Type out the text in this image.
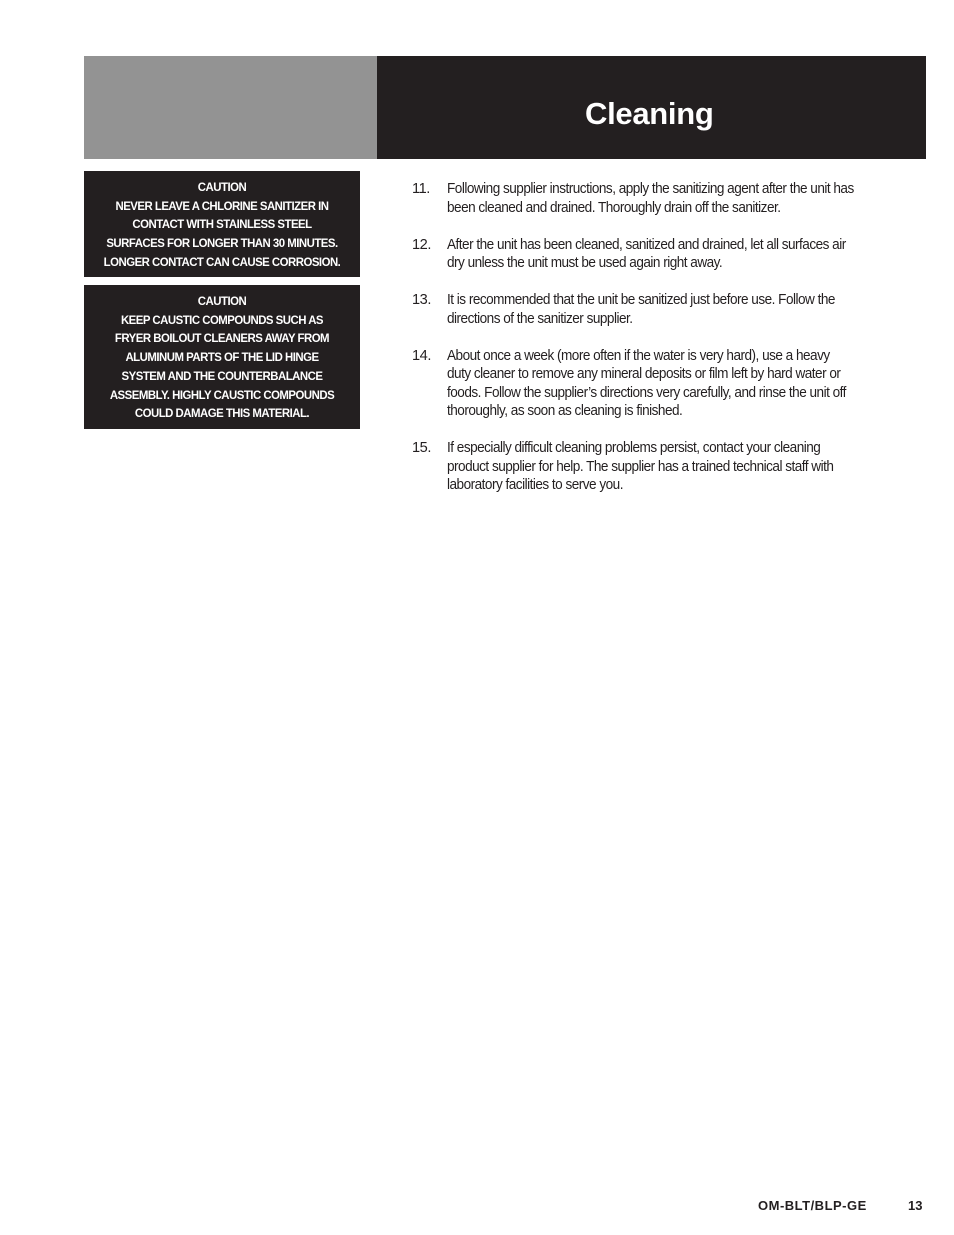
Cleaning
CAUTION
NEVER LEAVE A CHLORINE SANITIZER IN
CONTACT WITH STAINLESS STEEL
SURFACES FOR LONGER THAN 30 MINUTES.
LONGER CONTACT CAN CAUSE CORROSION.
CAUTION
KEEP CAUSTIC COMPOUNDS SUCH AS
FRYER BOILOUT CLEANERS AWAY FROM
ALUMINUM PARTS OF THE LID HINGE
SYSTEM AND THE COUNTERBALANCE
ASSEMBLY. HIGHLY CAUSTIC COMPOUNDS
COULD DAMAGE THIS MATERIAL.
11. Following supplier instructions, apply the sanitizing agent after the unit has
been cleaned and drained. Thoroughly drain off the sanitizer.
12. After the unit has been cleaned, sanitized and drained, let all surfaces air
dry unless the unit must be used again right away.
13. It is recommended that the unit be sanitized just before use. Follow the
directions of the sanitizer supplier.
14. About once a week (more often if the water is very hard), use a heavy
duty cleaner to remove any mineral deposits or film left by hard water or
foods. Follow the supplier’s directions very carefully, and rinse the unit off
thoroughly, as soon as cleaning is finished.
15. If especially difficult cleaning problems persist, contact your cleaning
product supplier for help. The supplier has a trained technical staff with
laboratory facilities to serve you.
OM-BLT/BLP-GE	13
